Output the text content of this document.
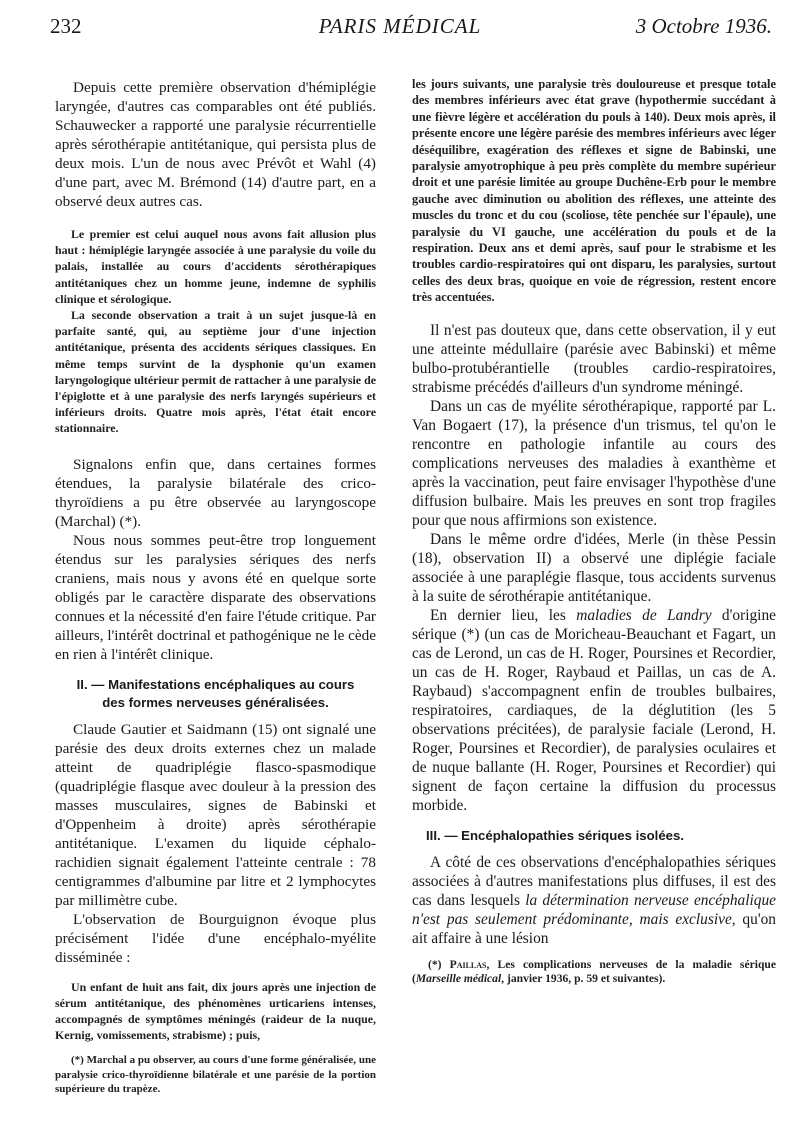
232	PARIS MÉDICAL	3 Octobre 1936.

Depuis cette première observation d'hémiplégie laryngée, d'autres cas comparables ont été publiés. Schauwecker a rapporté une paralysie récurrentielle après sérothérapie antitétanique, qui persista plus de deux mois. L'un de nous avec Prévôt et Wahl (4) d'une part, avec M. Brémond (14) d'autre part, en a observé deux autres cas.

Le premier est celui auquel nous avons fait allusion plus haut : hémiplégie laryngée associée à une paralysie du voile du palais, installée au cours d'accidents sérothérapiques antitétaniques chez un homme jeune, indemne de syphilis clinique et sérologique.

La seconde observation a trait à un sujet jusque-là en parfaite santé, qui, au septième jour d'une injection antitétanique, présenta des accidents sériques classiques. En même temps survint de la dysphonie qu'un examen laryngologique ultérieur permit de rattacher à une paralysie de l'épiglotte et à une paralysie des nerfs laryngés supérieurs et inférieurs droits. Quatre mois après, l'état était encore stationnaire.

Signalons enfin que, dans certaines formes étendues, la paralysie bilatérale des crico-thyroïdiens a pu être observée au laryngoscope (Marchal) (*).

Nous nous sommes peut-être trop longuement étendus sur les paralysies sériques des nerfs craniens, mais nous y avons été en quelque sorte obligés par le caractère disparate des observations connues et la nécessité d'en faire l'étude critique. Par ailleurs, l'intérêt doctrinal et pathogénique ne le cède en rien à l'intérêt clinique.

II. — Manifestations encéphaliques au cours
des formes nerveuses généralisées.

Claude Gautier et Saidmann (15) ont signalé une parésie des deux droits externes chez un malade atteint de quadriplégie flasco-spasmodique (quadriplégie flasque avec douleur à la pression des masses musculaires, signes de Babinski et d'Oppenheim à droite) après sérothérapie antitétanique. L'examen du liquide céphalo-rachidien signait également l'atteinte centrale : 78 centigrammes d'albumine par litre et 2 lymphocytes par millimètre cube.

L'observation de Bourguignon évoque plus précisément l'idée d'une encéphalo-myélite disséminée :

Un enfant de huit ans fait, dix jours après une injection de sérum antitétanique, des phénomènes urticariens intenses, accompagnés de symptômes méningés (raideur de la nuque, Kernig, vomissements, strabisme) ; puis,

(*) Marchal a pu observer, au cours d'une forme généralisée, une paralysie crico-thyroïdienne bilatérale et une parésie de la portion supérieure du trapèze.

les jours suivants, une paralysie très douloureuse et presque totale des membres inférieurs avec état grave (hypothermie succédant à une fièvre légère et accélération du pouls à 140). Deux mois après, il présente encore une légère parésie des membres inférieurs avec léger déséquilibre, exagération des réflexes et signe de Babinski, une paralysie amyotrophique à peu près complète du membre supérieur droit et une parésie limitée au groupe Duchêne-Erb pour le membre gauche avec diminution ou abolition des réflexes, une atteinte des muscles du tronc et du cou (scoliose, tête penchée sur l'épaule), une paralysie du VI gauche, une accélération du pouls et de la respiration. Deux ans et demi après, sauf pour le strabisme et les troubles cardio-respiratoires qui ont disparu, les paralysies, surtout celles des deux bras, quoique en voie de régression, restent encore très accentuées.

Il n'est pas douteux que, dans cette observation, il y eut une atteinte médullaire (parésie avec Babinski) et même bulbo-protubérantielle (troubles cardio-respiratoires, strabisme précédés d'ailleurs d'un syndrome méningé.

Dans un cas de myélite sérothérapique, rapporté par L. Van Bogaert (17), la présence d'un trismus, tel qu'on le rencontre en pathologie infantile au cours des complications nerveuses des maladies à exanthème et après la vaccination, peut faire envisager l'hypothèse d'une diffusion bulbaire. Mais les preuves en sont trop fragiles pour que nous affirmions son existence.

Dans le même ordre d'idées, Merle (in thèse Pessin (18), observation II) a observé une diplégie faciale associée à une paraplégie flasque, tous accidents survenus à la suite de sérothérapie antitétanique.

En dernier lieu, les maladies de Landry d'origine sérique (*) (un cas de Moricheau-Beauchant et Fagart, un cas de Lerond, un cas de H. Roger, Poursines et Recordier, un cas de H. Roger, Raybaud et Paillas, un cas de A. Raybaud) s'accompagnent enfin de troubles bulbaires, respiratoires, cardiaques, de la déglutition (les 5 observations précitées), de paralysie faciale (Lerond, H. Roger, Poursines et Recordier), de paralysies oculaires et de nuque ballante (H. Roger, Poursines et Recordier) qui signent de façon certaine la diffusion du processus morbide.

III. — Encéphalopathies sériques isolées.

A côté de ces observations d'encéphalopathies sériques associées à d'autres manifestations plus diffuses, il est des cas dans lesquels la détermination nerveuse encéphalique n'est pas seulement prédominante, mais exclusive, qu'on ait affaire à une lésion

(*) Paillas, Les complications nerveuses de la maladie sérique (Marseille médical, janvier 1936, p. 59 et suivantes).
